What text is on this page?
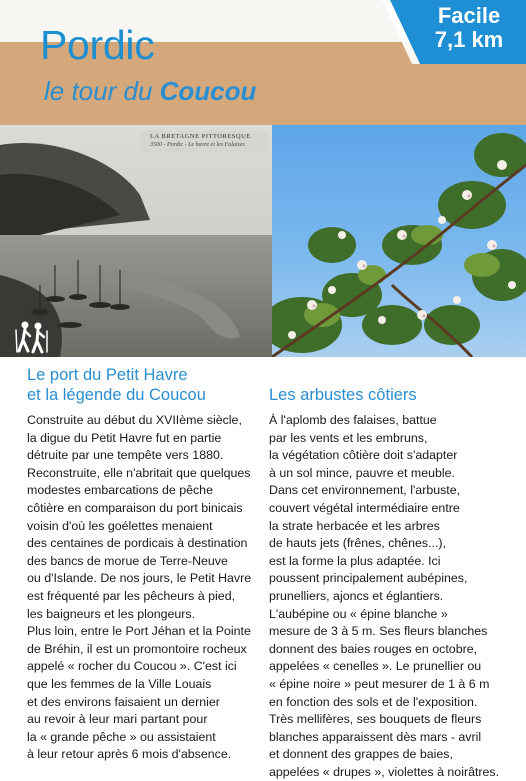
Pordic
le tour du Coucou
Facile
7,1 km
LA BRETAGNE PITTORESQUE
3500 - Pordic - Le havre et les Falaises
Le port du Petit Havre
et la légende du Coucou
Construite au début du XVIIème siècle,
la digue du Petit Havre fut en partie
détruite par une tempête vers 1880.
Reconstruite, elle n'abritait que quelques
modestes embarcations de pêche
côtière en comparaison du port binicais
voisin d'où les goélettes menaient
des centaines de pordicais à destination
des bancs de morue de Terre-Neuve
ou d'Islande. De nos jours, le Petit Havre
est fréquenté par les pêcheurs à pied,
les baigneurs et les plongeurs.
Plus loin, entre le Port Jéhan et la Pointe
de Bréhin, il est un promontoire rocheux
appelé « rocher du Coucou ». C'est ici
que les femmes de la Ville Louais
et des environs faisaient un dernier
au revoir à leur mari partant pour
la « grande pêche » ou assistaient
à leur retour après 6 mois d'absence.
Les arbustes côtiers
À l'aplomb des falaises, battue
par les vents et les embruns,
la végétation côtière doit s'adapter
à un sol mince, pauvre et meuble.
Dans cet environnement, l'arbuste,
couvert végétal intermédiaire entre
la strate herbacée et les arbres
de hauts jets (frênes, chênes...),
est la forme la plus adaptée. Ici
poussent principalement aubépines,
prunelliers, ajoncs et églantiers.
L'aubépine ou « épine blanche »
mesure de 3 à 5 m. Ses fleurs blanches
donnent des baies rouges en octobre,
appelées « cenelles ». Le prunellier ou
« épine noire » peut mesurer de 1 à 6 m
en fonction des sols et de l'exposition.
Très mellifères, ses bouquets de fleurs
blanches apparaissent dès mars - avril
et donnent des grappes de baies,
appelées « drupes », violettes à noirâtres.
